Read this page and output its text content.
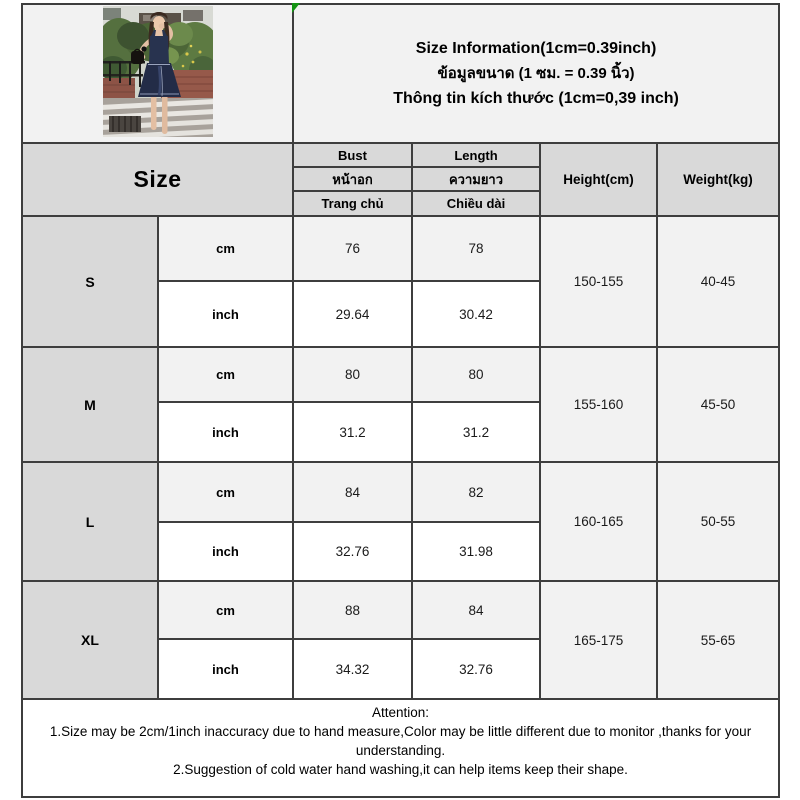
Size Information(1cm=0.39inch)
ข้อมูลขนาด (1 ซม. = 0.39 นิ้ว)
Thông tin kích thước (1cm=0,39 inch)			

Size		Bust	Length	Height(cm)	Weight(kg)
		หน้าอก	ความยาว		
		Trang chủ	Chiều dài		
S	cm	76	78	150-155	40-45
	inch	29.64	30.42		
M	cm	80	80	155-160	45-50
	inch	31.2	31.2		
L	cm	84	82	160-165	50-55
	inch	32.76	31.98		
XL	cm	88	84	165-175	55-65
	inch	34.32	32.76		

Attention:
1.Size may be 2cm/1inch inaccuracy due to hand measure,Color may be little different due to monitor ,thanks for your understanding.
2.Suggestion of cold water hand washing,it can help items keep their shape.					
